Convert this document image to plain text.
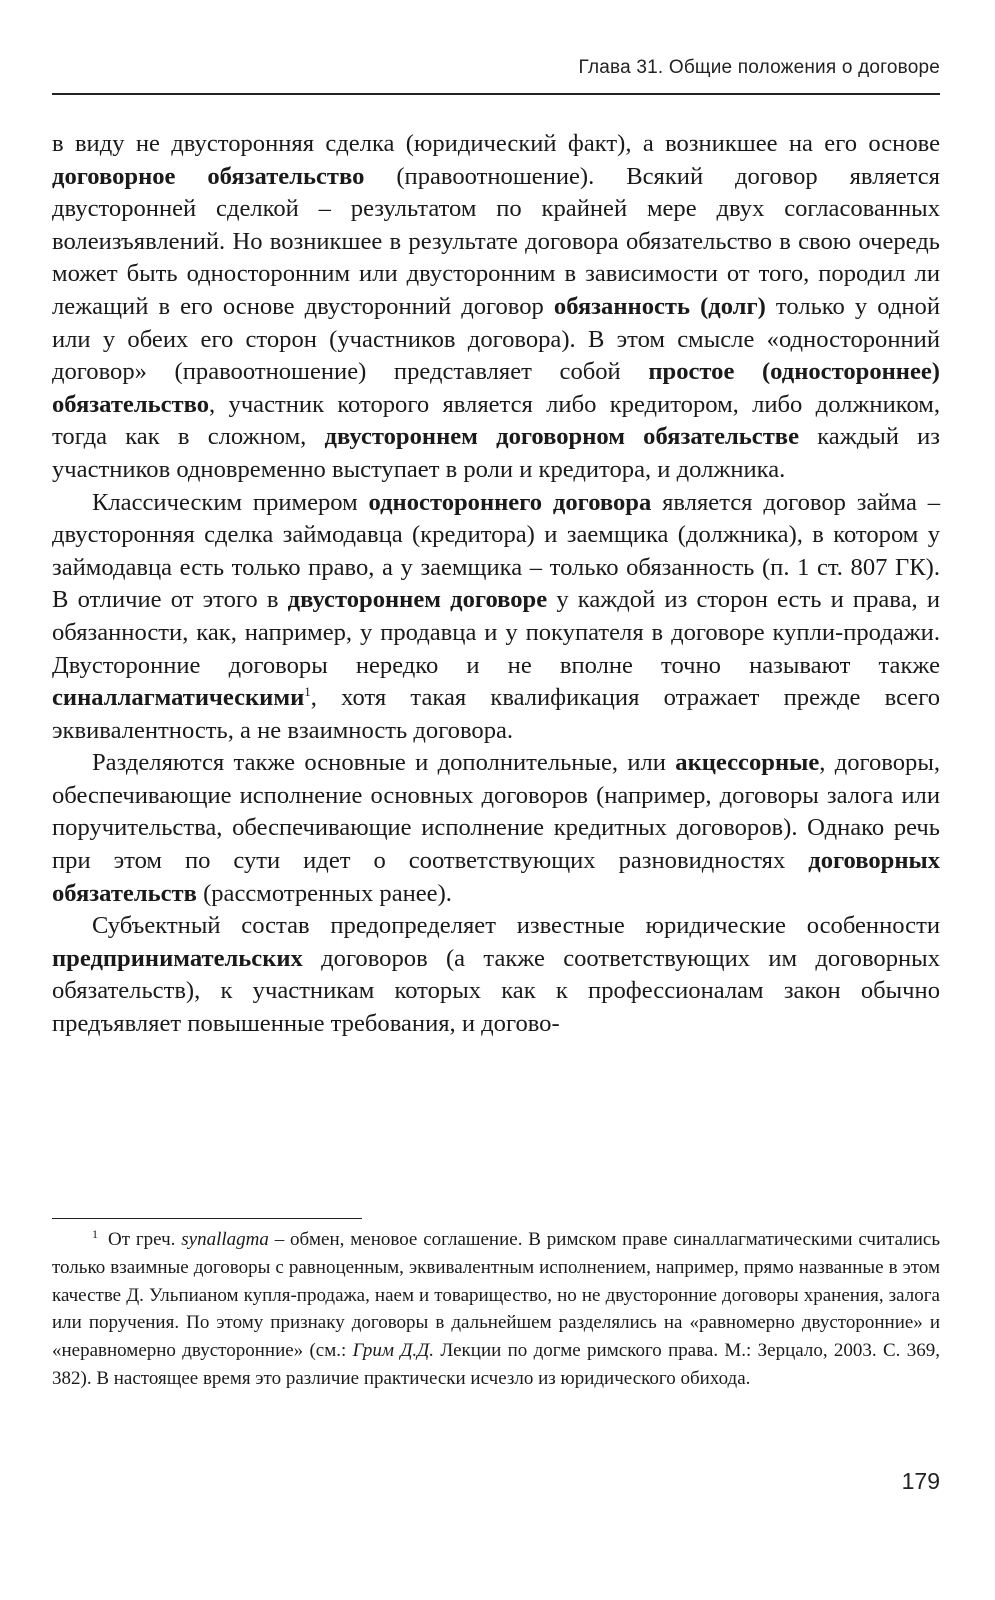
Глава 31. Общие положения о договоре

в виду не двусторонняя сделка (юридический факт), а возникшее на его основе договорное обязательство (правоотношение). Всякий договор является двусторонней сделкой – результатом по крайней мере двух согласованных волеизъявлений. Но возникшее в результате договора обязательство в свою очередь может быть односторонним или двусторонним в зависимости от того, породил ли лежащий в его основе двусторонний договор обязанность (долг) только у одной или у обеих его сторон (участников договора). В этом смысле «односторонний договор» (правоотношение) представляет собой простое (одностороннее) обязательство, участник которого является либо кредитором, либо должником, тогда как в сложном, двустороннем договорном обязательстве каждый из участников одновременно выступает в роли и кредитора, и должника.

Классическим примером одностороннего договора является договор займа – двусторонняя сделка займодавца (кредитора) и заемщика (должника), в котором у займодавца есть только право, а у заемщика – только обязанность (п. 1 ст. 807 ГК). В отличие от этого в двустороннем договоре у каждой из сторон есть и права, и обязанности, как, например, у продавца и у покупателя в договоре купли-продажи. Двусторонние договоры нередко и не вполне точно называют также синаллагматическими$^1$, хотя такая квалификация отражает прежде всего эквивалентность, а не взаимность договора.

Разделяются также основные и дополнительные, или акцессорные, договоры, обеспечивающие исполнение основных договоров (например, договоры залога или поручительства, обеспечивающие исполнение кредитных договоров). Однако речь при этом по сути идет о соответствующих разновидностях договорных обязательств (рассмотренных ранее).

Субъектный состав предопределяет известные юридические особенности предпринимательских договоров (а также соответствующих им договорных обязательств), к участникам которых как к профессионалам закон обычно предъявляет повышенные требования, и догово-

$^1$ От греч. synallagma – обмен, меновое соглашение. В римском праве синаллагматическими считались только взаимные договоры с равноценным, эквивалентным исполнением, например, прямо названные в этом качестве Д. Ульпианом купля-продажа, наем и товарищество, но не двусторонние договоры хранения, залога или поручения. По этому признаку договоры в дальнейшем разделялись на «равномерно двусторонние» и «неравномерно двусторонние» (см.: Грим Д.Д. Лекции по догме римского права. М.: Зерцало, 2003. С. 369, 382). В настоящее время это различие практически исчезло из юридического обихода.
179
